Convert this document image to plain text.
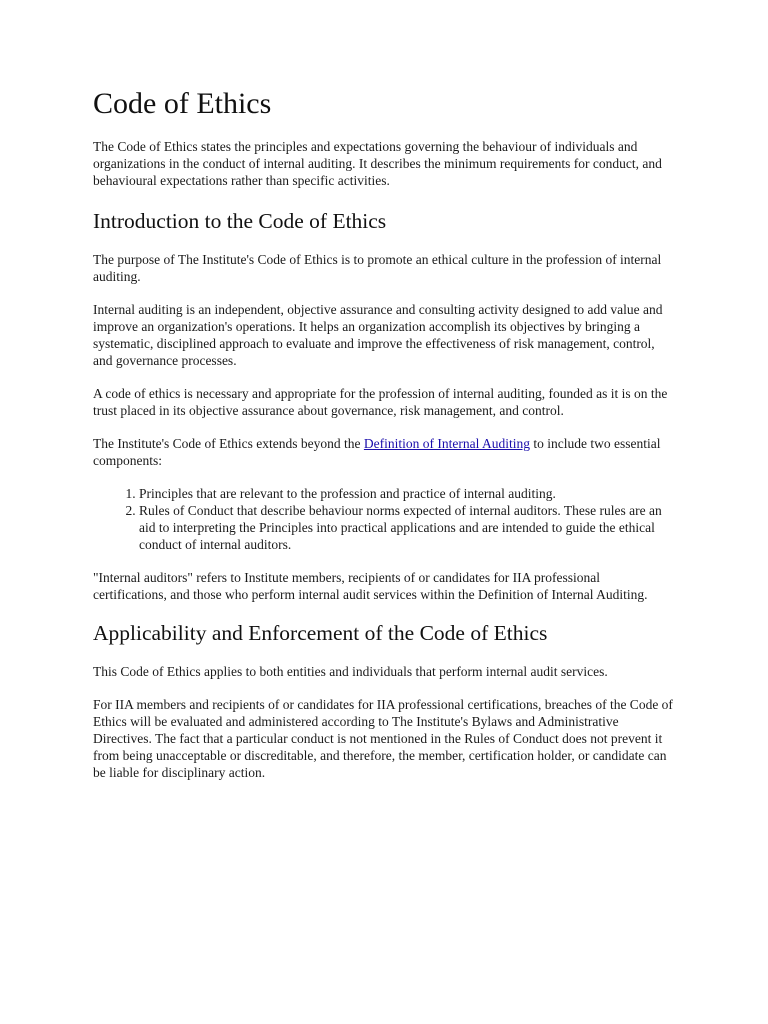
Code of Ethics

The Code of Ethics states the principles and expectations governing the behaviour of individuals and organizations in the conduct of internal auditing. It describes the minimum requirements for conduct, and behavioural expectations rather than specific activities.

Introduction to the Code of Ethics

The purpose of The Institute's Code of Ethics is to promote an ethical culture in the profession of internal auditing.

Internal auditing is an independent, objective assurance and consulting activity designed to add value and improve an organization's operations. It helps an organization accomplish its objectives by bringing a systematic, disciplined approach to evaluate and improve the effectiveness of risk management, control, and governance processes.

A code of ethics is necessary and appropriate for the profession of internal auditing, founded as it is on the trust placed in its objective assurance about governance, risk management, and control.

The Institute's Code of Ethics extends beyond the Definition of Internal Auditing to include two essential components:

1. Principles that are relevant to the profession and practice of internal auditing.
2. Rules of Conduct that describe behaviour norms expected of internal auditors. These rules are an aid to interpreting the Principles into practical applications and are intended to guide the ethical conduct of internal auditors.

"Internal auditors" refers to Institute members, recipients of or candidates for IIA professional certifications, and those who perform internal audit services within the Definition of Internal Auditing.

Applicability and Enforcement of the Code of Ethics

This Code of Ethics applies to both entities and individuals that perform internal audit services.

For IIA members and recipients of or candidates for IIA professional certifications, breaches of the Code of Ethics will be evaluated and administered according to The Institute's Bylaws and Administrative Directives. The fact that a particular conduct is not mentioned in the Rules of Conduct does not prevent it from being unacceptable or discreditable, and therefore, the member, certification holder, or candidate can be liable for disciplinary action.
